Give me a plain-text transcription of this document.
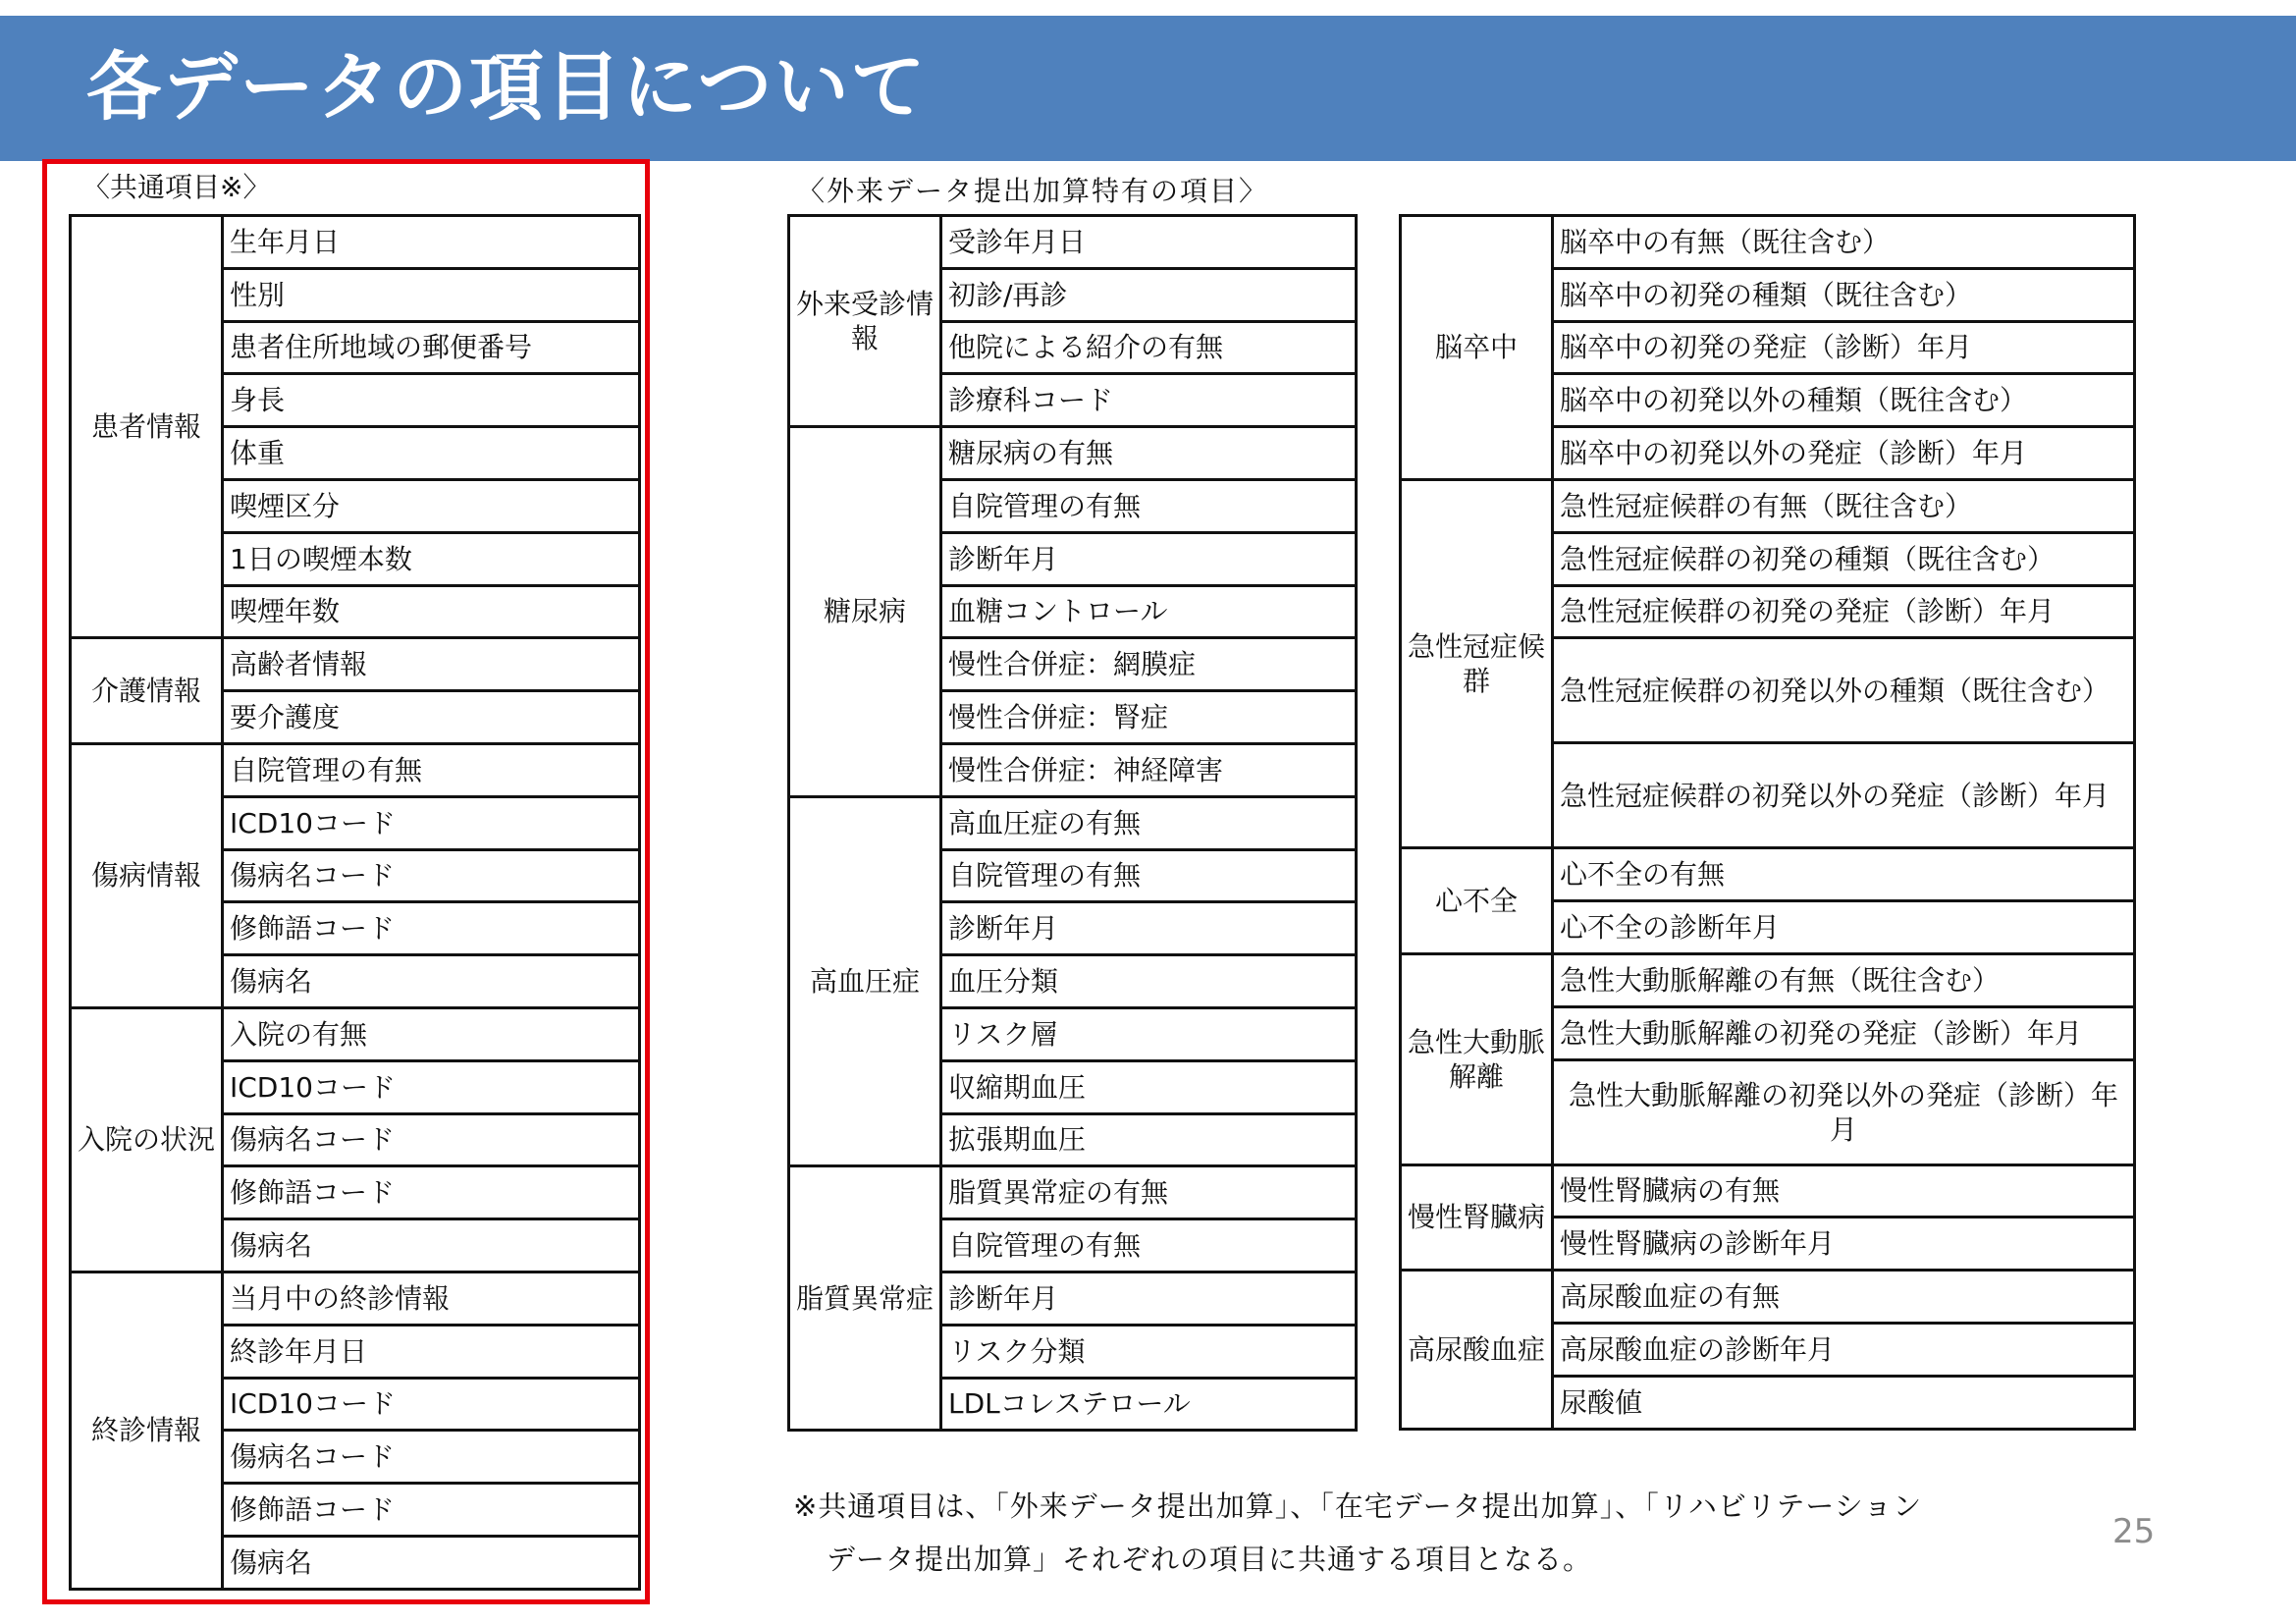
各データの項目について
〈共通項目※〉	〈外来データ提出加算特有の項目〉
患者情報	生年月日
	性別
	患者住所地域の郵便番号
	身長
	体重
	喫煙区分
	1日の喫煙本数
	喫煙年数
介護情報	高齢者情報
	要介護度
傷病情報	自院管理の有無
	ICD10コード
	傷病名コード
	修飾語コード
	傷病名
入院の状況	入院の有無
	ICD10コード
	傷病名コード
	修飾語コード
	傷病名
終診情報	当月中の終診情報
	終診年月日
	ICD10コード
	傷病名コード
	修飾語コード
	傷病名
外来受診情報	受診年月日
	初診/再診
	他院による紹介の有無
	診療科コード
糖尿病	糖尿病の有無
	自院管理の有無
	診断年月
	血糖コントロール
	慢性合併症：網膜症
	慢性合併症：腎症
	慢性合併症：神経障害
高血圧症	高血圧症の有無
	自院管理の有無
	診断年月
	血圧分類
	リスク層
	収縮期血圧
	拡張期血圧
脂質異常症	脂質異常症の有無
	自院管理の有無
	診断年月
	リスク分類
	LDLコレステロール
脳卒中	脳卒中の有無（既往含む）
	脳卒中の初発の種類（既往含む）
	脳卒中の初発の発症（診断）年月
	脳卒中の初発以外の種類（既往含む）
	脳卒中の初発以外の発症（診断）年月
急性冠症候群	急性冠症候群の有無（既往含む）
	急性冠症候群の初発の種類（既往含む）
	急性冠症候群の初発の発症（診断）年月
	急性冠症候群の初発以外の種類（既往含む）
	急性冠症候群の初発以外の発症（診断）年月
心不全	心不全の有無
	心不全の診断年月
急性大動脈解離	急性大動脈解離の有無（既往含む）
	急性大動脈解離の初発の発症（診断）年月
	急性大動脈解離の初発以外の発症（診断）年月
慢性腎臓病	慢性腎臓病の有無
	慢性腎臓病の診断年月
高尿酸血症	高尿酸血症の有無
	高尿酸血症の診断年月
	尿酸値
※共通項目は、「外来データ提出加算」、「在宅データ提出加算」、「リハビリテーション
データ提出加算」それぞれの項目に共通する項目となる。
25
